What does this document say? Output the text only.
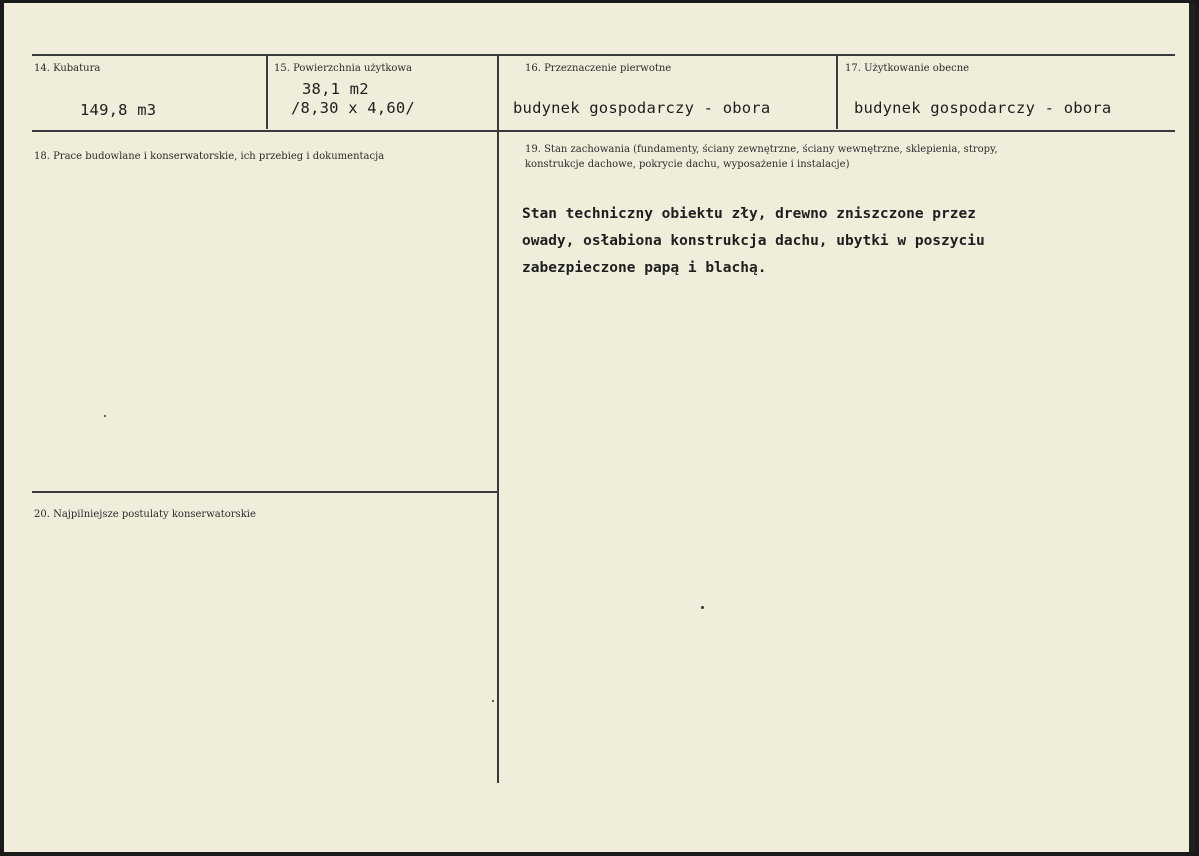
14. Kubatura
149,8 m3
15. Powierzchnia użytkowa
38,1 m2
/8,30 x 4,60/
16. Przeznaczenie pierwotne
budynek gospodarczy - obora
17. Użytkowanie obecne
budynek gospodarczy - obora
18. Prace budowlane i konserwatorskie, ich przebieg i dokumentacja
19. Stan zachowania (fundamenty, ściany zewnętrzne, ściany wewnętrzne, sklepienia, stropy,
konstrukcje dachowe, pokrycie dachu, wyposażenie i instalacje)
Stan techniczny obiektu zły, drewno zniszczone przez
owady, osłabiona konstrukcja dachu, ubytki w poszyciu
zabezpieczone papą i blachą.
20. Najpilniejsze postulaty konserwatorskie
